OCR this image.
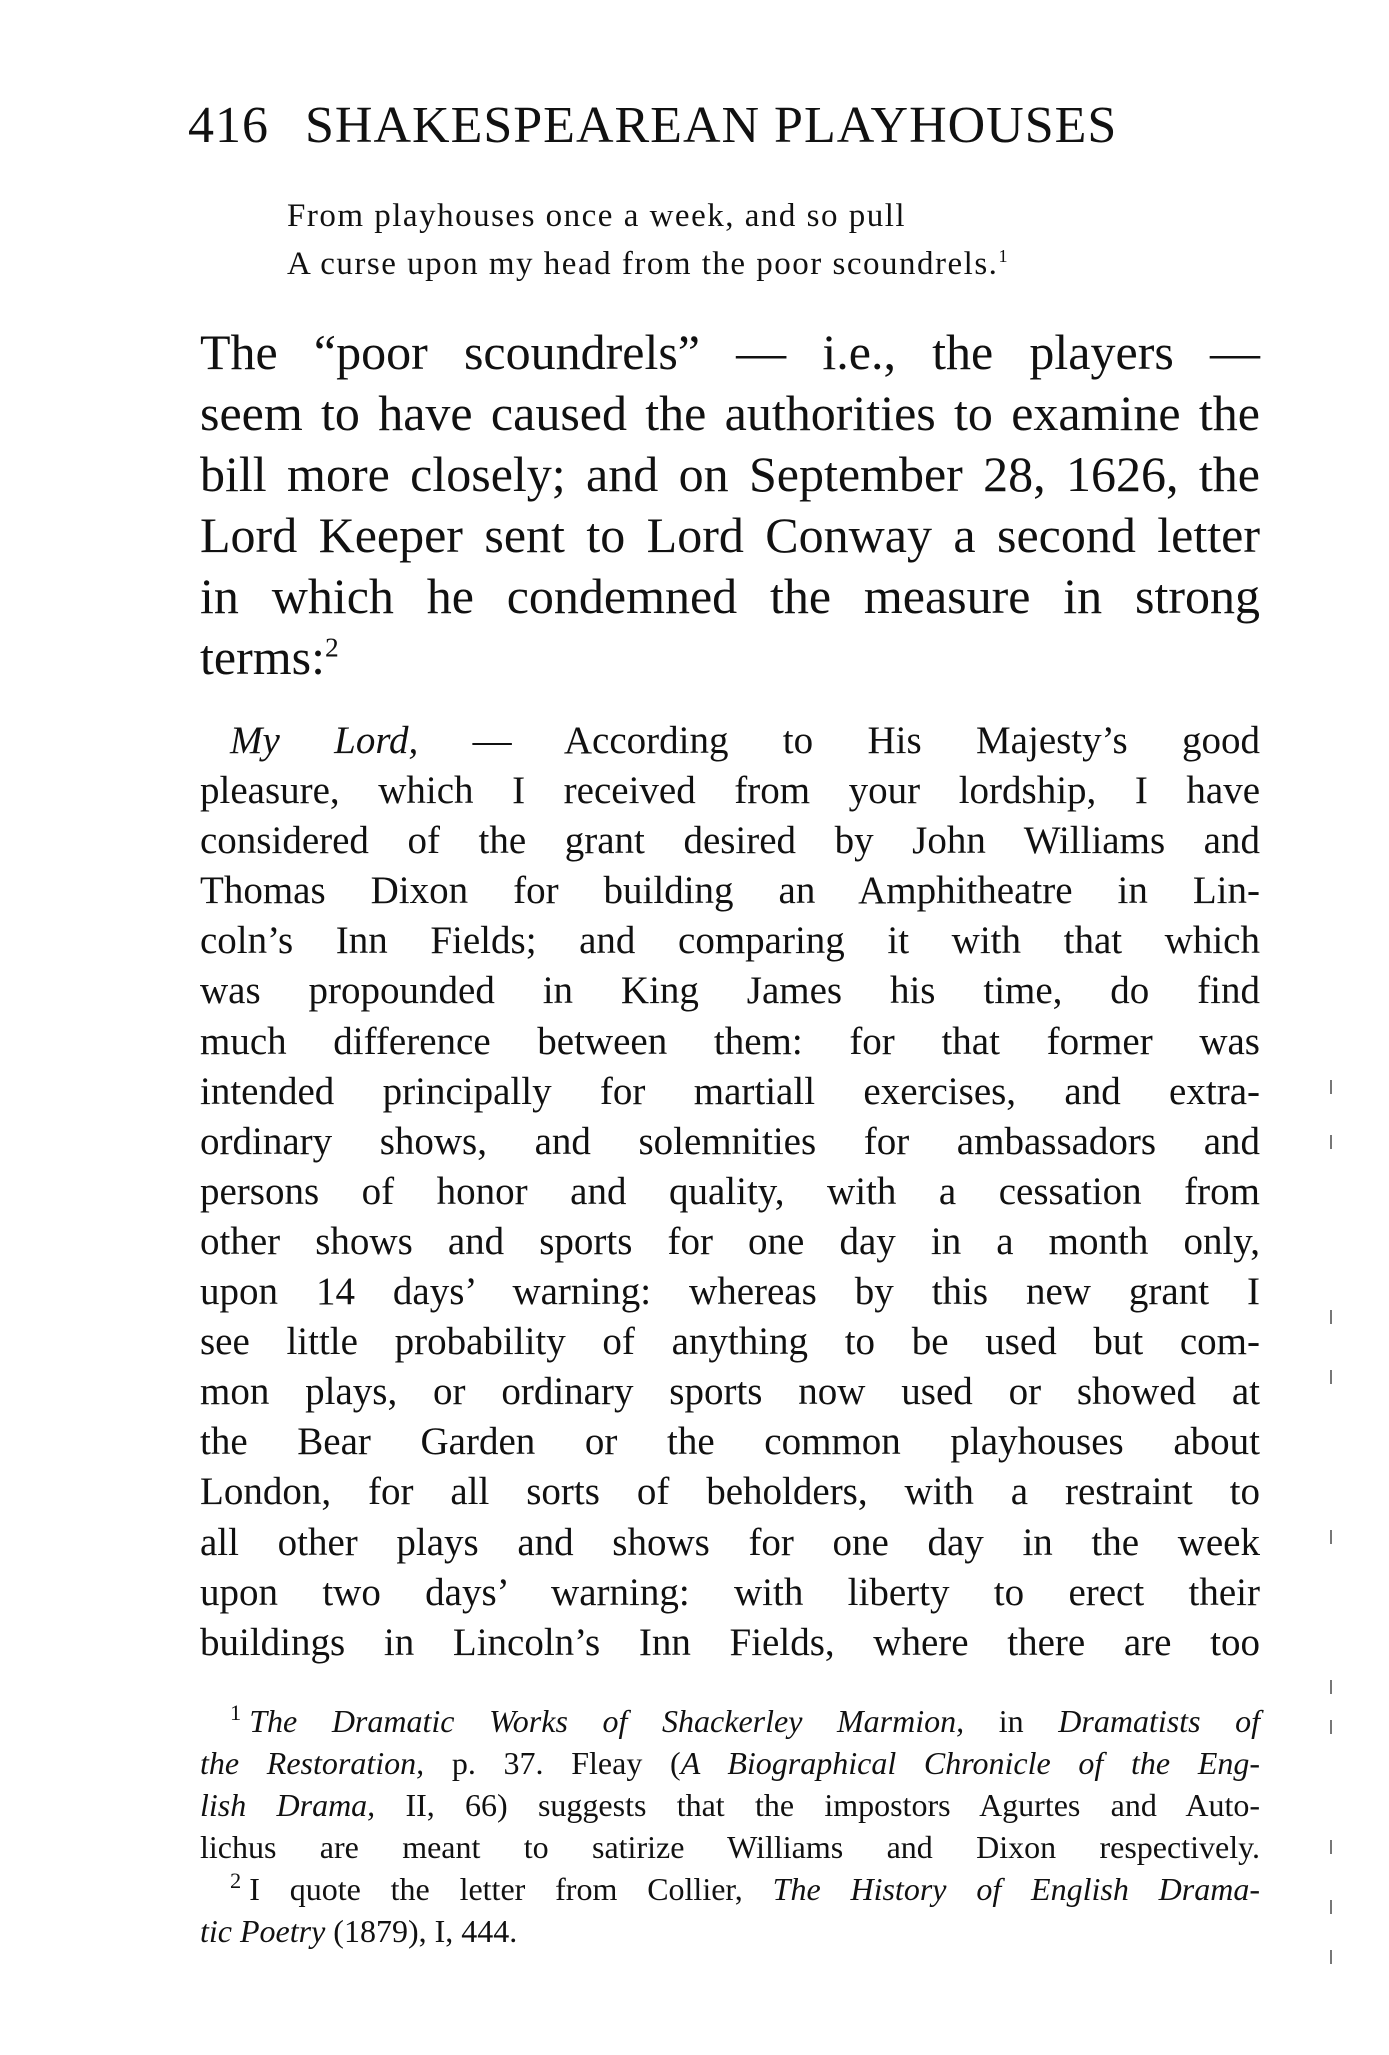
416 SHAKESPEAREAN PLAYHOUSES
From playhouses once a week, and so pull
A curse upon my head from the poor scoundrels.$^1$
The “poor scoundrels” — i.e., the players —
seem to have caused the authorities to examine the
bill more closely; and on September 28, 1626, the
Lord Keeper sent to Lord Conway a second letter
in which he condemned the measure in strong
terms:$^2$
My Lord, — According to His Majesty’s good
pleasure, which I received from your lordship, I have
considered of the grant desired by John Williams and
Thomas Dixon for building an Amphitheatre in Lin-
coln’s Inn Fields; and comparing it with that which
was propounded in King James his time, do find
much difference between them: for that former was
intended principally for martiall exercises, and extra-
ordinary shows, and solemnities for ambassadors and
persons of honor and quality, with a cessation from
other shows and sports for one day in a month only,
upon 14 days’ warning: whereas by this new grant I
see little probability of anything to be used but com-
mon plays, or ordinary sports now used or showed at
the Bear Garden or the common playhouses about
London, for all sorts of beholders, with a restraint to
all other plays and shows for one day in the week
upon two days’ warning: with liberty to erect their
buildings in Lincoln’s Inn Fields, where there are too
$^1$ The Dramatic Works of Shackerley Marmion, in Dramatists of
the Restoration, p. 37. Fleay (A Biographical Chronicle of the Eng-
lish Drama, II, 66) suggests that the impostors Agurtes and Auto-
lichus are meant to satirize Williams and Dixon respectively.
$^2$ I quote the letter from Collier, The History of English Drama-
tic Poetry (1879), I, 444.
